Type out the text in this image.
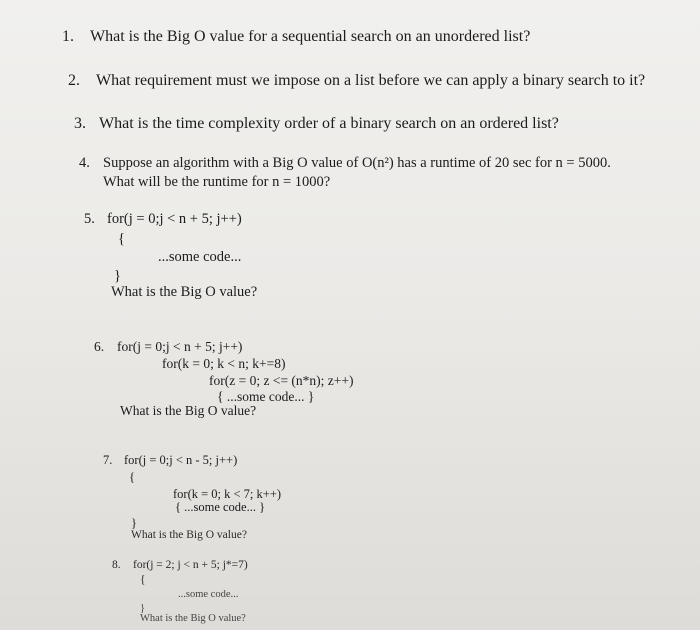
1. What is the Big O value for a sequential search on an unordered list?
2. What requirement must we impose on a list before we can apply a binary search to it?
3. What is the time complexity order of a binary search on an ordered list?
4. Suppose an algorithm with a Big O value of O(n²) has a runtime of 20 sec for n = 5000.
What will be the runtime for n = 1000?
5. for(j = 0;j < n + 5; j++)
{
...some code...
}
What is the Big O value?
6. for(j = 0;j < n + 5; j++)
for(k = 0; k < n; k+=8)
for(z = 0; z <= (n*n); z++)
{ ...some code... }
What is the Big O value?
7. for(j = 0;j < n - 5; j++)
{
for(k = 0; k < 7; k++)
{ ...some code... }
}
What is the Big O value?
8. for(j = 2; j < n + 5; j*=7)
{
...some code...
}
What is the Big O value?
